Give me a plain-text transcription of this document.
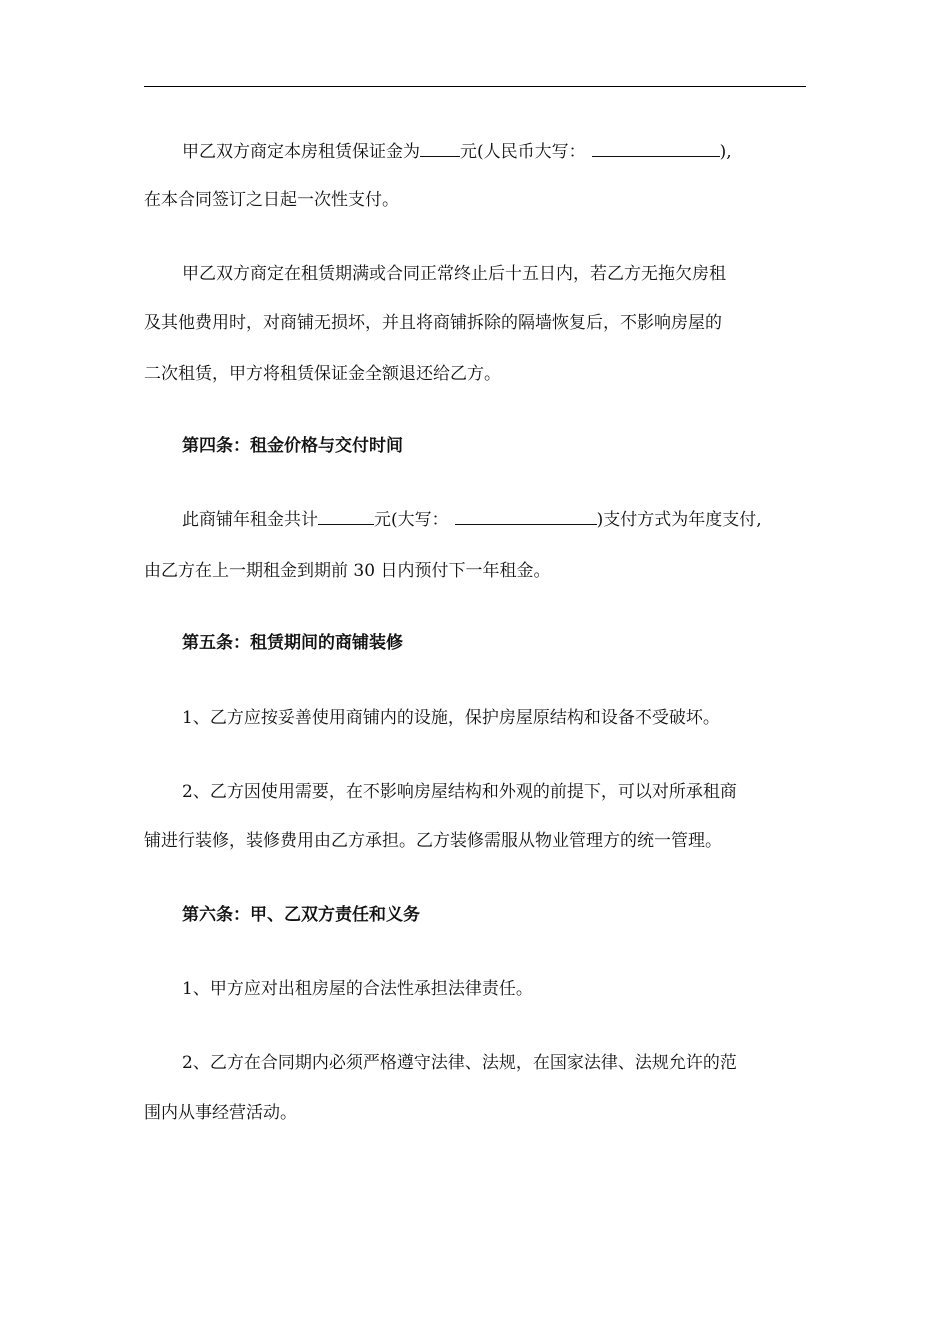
甲乙双方商定本房租赁保证金为 元(人民币大写：	),
在本合同签订之日起一次性支付。
甲乙双方商定在租赁期满或合同正常终止后十五日内，若乙方无拖欠房租
及其他费用时，对商铺无损坏，并且将商铺拆除的隔墙恢复后，不影响房屋的
二次租赁，甲方将租赁保证金全额退还给乙方。
第四条：租金价格与交付时间
此商铺年租金共计	元(大写：	)支付方式为年度支付,
由乙方在上一期租金到期前 30 日内预付下一年租金。
第五条：租赁期间的商铺装修
1、乙方应按妥善使用商铺内的设施，保护房屋原结构和设备不受破坏。
2、乙方因使用需要，在不影响房屋结构和外观的前提下，可以对所承租商
铺进行装修，装修费用由乙方承担。乙方装修需服从物业管理方的统一管理。
第六条：甲、乙双方责任和义务
1、甲方应对出租房屋的合法性承担法律责任。
2、乙方在合同期内必须严格遵守法律、法规，在国家法律、法规允许的范
围内从事经营活动。
